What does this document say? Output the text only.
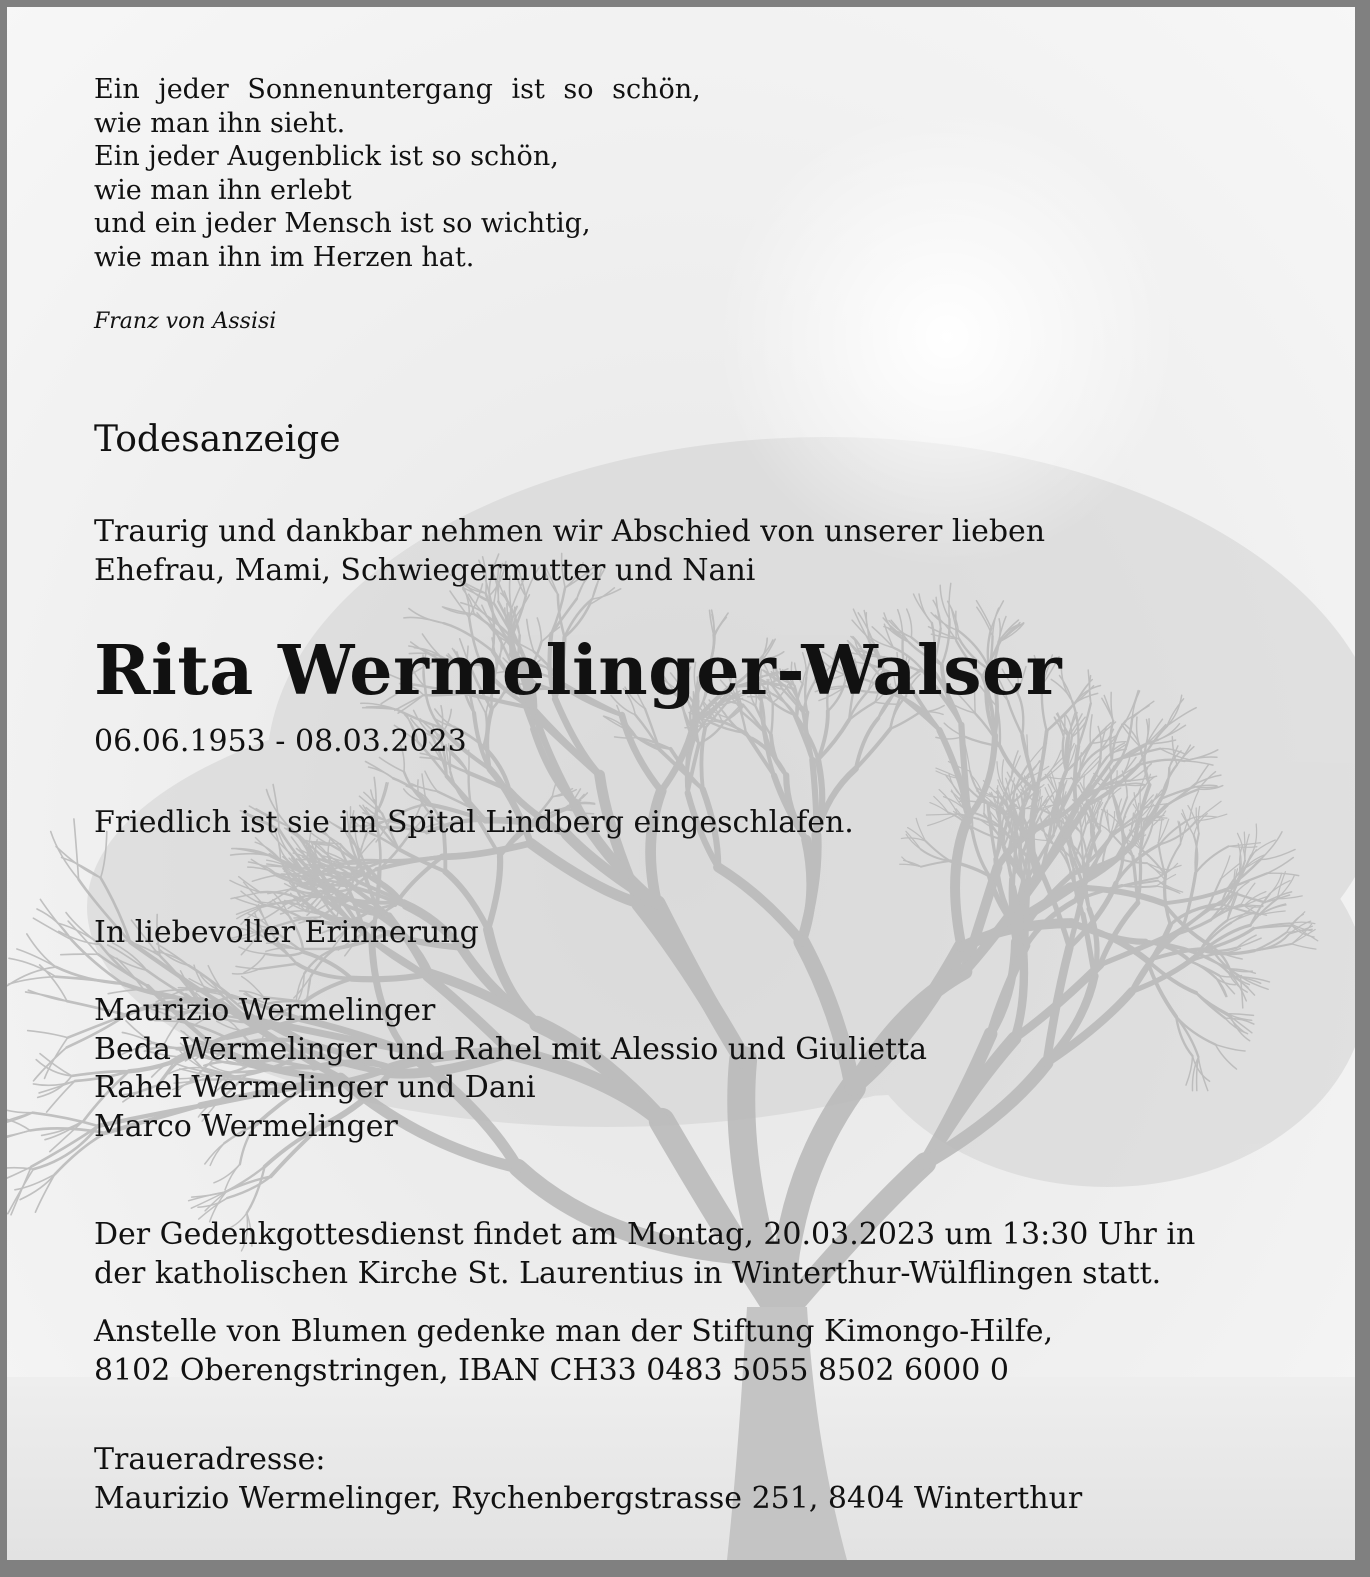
Ein jeder Sonnenuntergang ist so schön,
wie man ihn sieht.
Ein jeder Augenblick ist so schön,
wie man ihn erlebt
und ein jeder Mensch ist so wichtig,
wie man ihn im Herzen hat.
Franz von Assisi
Todesanzeige
Traurig und dankbar nehmen wir Abschied von unserer lieben
Ehefrau, Mami, Schwiegermutter und Nani
Rita Wermelinger-Walser
06.06.1953 - 08.03.2023
Friedlich ist sie im Spital Lindberg eingeschlafen.
In liebevoller Erinnerung
Maurizio Wermelinger
Beda Wermelinger und Rahel mit Alessio und Giulietta
Rahel Wermelinger und Dani
Marco Wermelinger
Der Gedenkgottesdienst findet am Montag, 20.03.2023 um 13:30 Uhr in
der katholischen Kirche St. Laurentius in Winterthur-Wülflingen statt.
Anstelle von Blumen gedenke man der Stiftung Kimongo-Hilfe,
8102 Oberengstringen, IBAN CH33 0483 5055 8502 6000 0
Traueradresse:
Maurizio Wermelinger, Rychenbergstrasse 251, 8404 Winterthur
